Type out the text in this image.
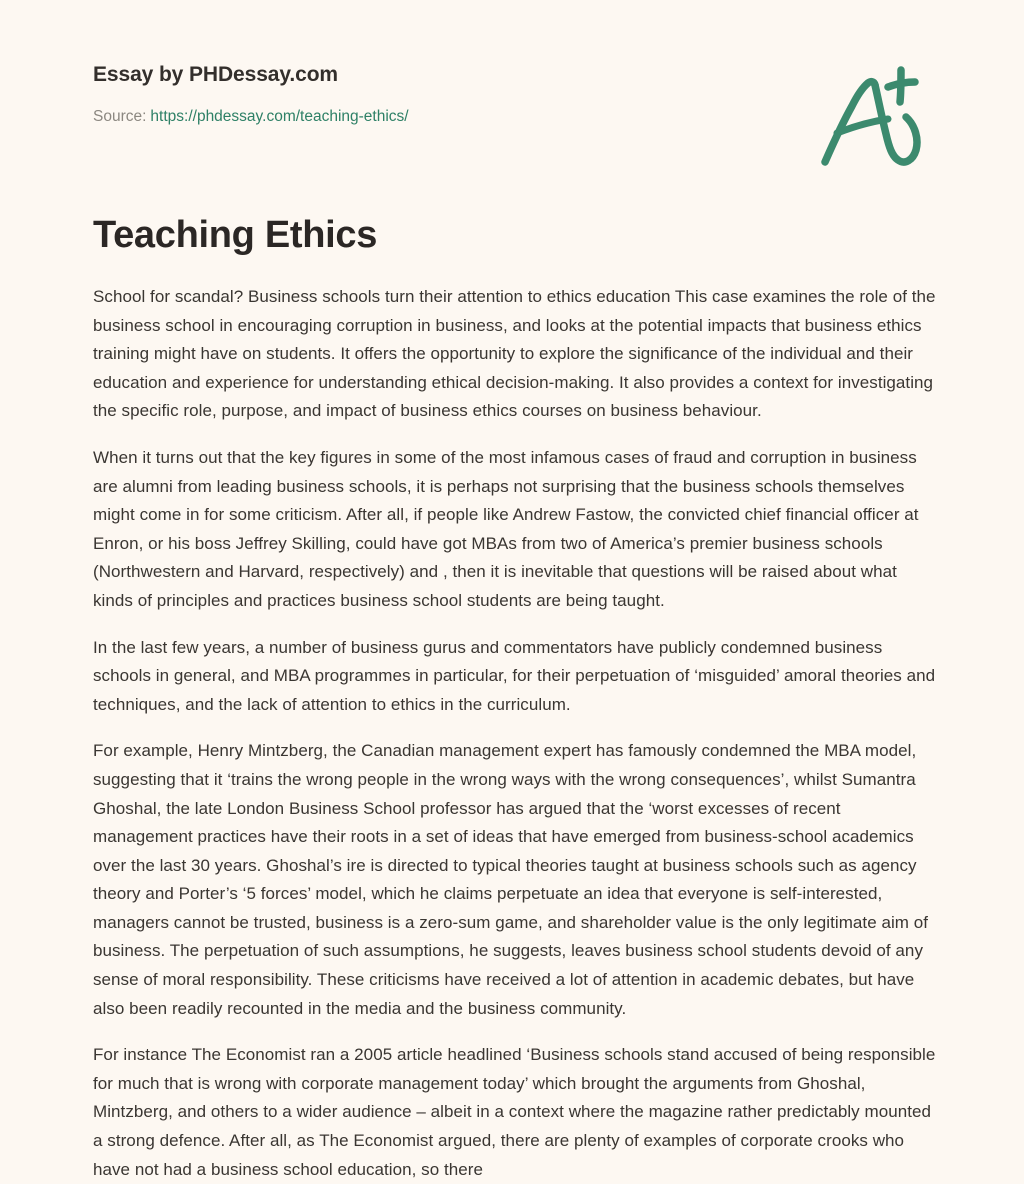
Essay by PHDessay.com
Source: https://phdessay.com/teaching-ethics/
Teaching Ethics

School for scandal? Business schools turn their attention to ethics education This case examines the role of the business school in encouraging corruption in business, and looks at the potential impacts that business ethics training might have on students. It offers the opportunity to explore the significance of the individual and their education and experience for understanding ethical decision-making. It also provides a context for investigating the specific role, purpose, and impact of business ethics courses on business behaviour.

When it turns out that the key figures in some of the most infamous cases of fraud and corruption in business are alumni from leading business schools, it is perhaps not surprising that the business schools themselves might come in for some criticism. After all, if people like Andrew Fastow, the convicted chief financial officer at Enron, or his boss Jeffrey Skilling, could have got MBAs from two of America’s premier business schools (Northwestern and Harvard, respectively) and , then it is inevitable that questions will be raised about what kinds of principles and practices business school students are being taught.

In the last few years, a number of business gurus and commentators have publicly condemned business schools in general, and MBA programmes in particular, for their perpetuation of ‘misguided’ amoral theories and techniques, and the lack of attention to ethics in the curriculum.

For example, Henry Mintzberg, the Canadian management expert has famously condemned the MBA model, suggesting that it ‘trains the wrong people in the wrong ways with the wrong consequences’, whilst Sumantra Ghoshal, the late London Business School professor has argued that the ‘worst excesses of recent management practices have their roots in a set of ideas that have emerged from business-school academics over the last 30 years. Ghoshal’s ire is directed to typical theories taught at business schools such as agency theory and Porter’s ‘5 forces’ model, which he claims perpetuate an idea that everyone is self-interested, managers cannot be trusted, business is a zero-sum game, and shareholder value is the only legitimate aim of business. The perpetuation of such assumptions, he suggests, leaves business school students devoid of any sense of moral responsibility. These criticisms have received a lot of attention in academic debates, but have also been readily recounted in the media and the business community.

For instance The Economist ran a 2005 article headlined ‘Business schools stand accused of being responsible for much that is wrong with corporate management today’ which brought the arguments from Ghoshal, Mintzberg, and others to a wider audience – albeit in a context where the magazine rather predictably mounted a strong defence. After all, as The Economist argued, there are plenty of examples of corporate crooks who have not had a business school education, so there
